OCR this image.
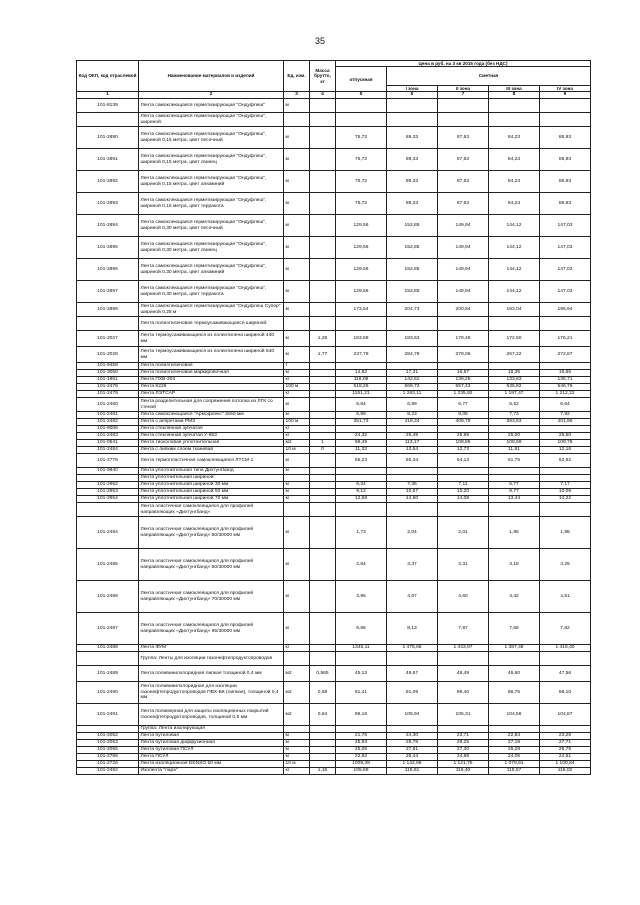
35
Код ОКП, код отраслевой	Наименование материалов и изделий	Ед. изм.	Масса брутто, кг	Цена в руб. на 3 кв 2015 года (без НДС)				
				отпускная	Сметная			
					I зона	II зона	III зона	IV зона
1	2	3	4	5	6	7	8	9
101-8139	Лента самоклеющаяся герметизирующая "Ондуфлеш"	м						
	Лента самоклеющаяся герметизирующая "Ондуфлеш", шириной:							
101-2890	Лента самоклеющаяся герметизирующая "Ондуфлеш", шириной 0,15 метра, цвет песочный	м		75,72	89,33	87,63	84,23	85,93
101-2891	Лента самоклеющаяся герметизирующая "Ондуфлеш", шириной 0,15 метра, цвет свинец	м		75,72	89,33	87,63	84,23	85,93
101-2892	Лента самоклеющаяся герметизирующая "Ондуфлеш", шириной 0,15 метра, цвет алюминий	м		75,72	89,33	87,63	84,23	85,93
101-2893	Лента самоклеющаяся герметизирующая "Ондуфлеш", шириной 0,15 метра, цвет терракота	м		75,72	89,33	87,63	84,23	85,93
101-2894	Лента самоклеющаяся герметизирующая "Ондуфлеш", шириной 0,30 метра, цвет песочный	м		129,56	152,85	149,94	144,12	147,03
101-2895	Лента самоклеющаяся герметизирующая "Ондуфлеш", шириной 0,30 метра, цвет свинец	м		129,56	152,85	149,94	144,12	147,03
101-2896	Лента самоклеющаяся герметизирующая "Ондуфлеш", шириной 0,30 метра, цвет алюминий	м		129,56	152,85	149,94	144,12	147,03
101-2897	Лента самоклеющаяся герметизирующая "Ондуфлеш", шириной 0,30 метра, цвет терракота	м		129,56	152,85	149,94	144,12	147,03
101-2899	Лента самоклеющаяся герметизирующая "Ондуфлеш Супер" шириной 0,25 м	м		173,54	204,73	200,84	193,04	196,94
	Лента полиэтиленовая термоусаживающаяся шириной:							
101-2027	Лента термоусаживающаяся из полиэтилена шириной 440 мм	м	1,25	153,59	183,63	179,49	172,50	176,21
101-2028	Лента термоусаживающаяся из полиэтилена шириной 640 мм	м	1,77	237,79	284,79	278,06	267,22	272,87
101-9458	Лента полиэтиленовая	т						
101-3050	Лента полиэтиленовая маркировочная	м		14,82	17,31	16,97	16,35	16,66
101-1951	Лента ПХВ-304	кг		118,09	142,62	139,25	133,83	136,71
101-2478	Лента К226	100 м		518,26	569,73	557,43	535,82	546,76
101-2479	Лента ЛЭТСАР	кг		1151,21	1 263,11	1 235,92	1 187,47	1 212,22
101-2480	Лента разделительная для сопряжения потолка из ЛГК со стеной	м		5,84	6,89	6,77	6,52	6,64
101-2481	Лента самоклеющаяся "Армофлекс" 3x50 мм	м		6,99	8,23	8,05	7,73	7,92
101-2482	Лента с аппретами РМЗ	100 м		351,73	418,34	409,79	393,63	401,96
101-8006	Лента стеклянная зубчатая	кг						
101-2483	Лента стеклянная зубчатая У-653	кг		24,32	26,49	25,99	25,00	25,50
101-0541	Лента тиоколовая уплотнительная	м2	1	96,49	113,17	108,85	109,59	109,79
101-2484	Лента с липким слоем тканевая	10 м	0	11,33	13,54	12,73	11,81	12,18
101-2779	Лента термопластичная самоклеющаяся ЛТСМ-1	м		55,23	65,34	64,13	61,75	62,92
101-9940	Лента уплотнительная типа Дихтунгбанд	м						
	Лента уплотнительная шириной:							
101-2952	Лента уплотнительная шириной 30 мм	м		6,34	7,36	7,11	6,77	7,17
101-2953	Лента уплотнительная шириной 50 мм	м		9,12	10,57	10,20	9,77	10,09
101-2954	Лента уплотнительная шириной 70 мм	м		12,58	14,50	14,09	13,44	14,22
	Лента эластичная самоклеящаяся для профилей направляющих «Дихтунгбанд»							
101-2484	Лента эластичная самоклеящаяся для профилей направляющих «Дихтунгбанд» 50/30000 мм	м		1,73	2,04	2,01	1,95	1,98
101-2485	Лента эластичная самоклеящаяся для профилей направляющих «Дихтунгбанд» 50/30000 мм	м		2,84	3,37	3,31	3,18	3,25
101-2486	Лента эластичная самоклеящаяся для профилей направляющих «Дихтунгбанд» 70/30000 мм	м		3,96	4,67	4,60	4,42	4,51
101-2487	Лента эластичная самоклеящаяся для профилей направляющих «Дихтунгбанд» 95/30000 мм	м		6,86	8,13	7,97	7,66	7,82
101-2488	Лента ФУМ	кг		1345,11	1 475,65	1 443,97	1 387,48	1 416,40
	Группа: Ленты для изоляции газонефтепродуктопроводов							
101-2489	Лента поливинилхлоридная липкая толщиной 0,4 мм	м2	0,565	45,13	49,57	48,49	46,60	47,56
101-2490	Лента поливинилхлоридная для изоляции газонефтепродуктопроводов ПВХ-БК (липкая), толщиной 0,4 мм	м2	0,58	81,41	91,09	89,40	86,75	88,10
101-2491	Лента полимерная для защиты изоляционных покрытий газонефтепродуктопроводов, толщиной 0,5 мм	м2	0,64	96,16	105,94	105,31	104,56	104,87
	Группа: Лента изолирующая							
101-2052	Лента бутиловая	м		21,76	24,30	23,71	22,84	23,28
101-2053	Лента бутиловая диффузионная	м		25,93	28,78	28,25	27,19	27,71
101-2055	Лента бутиловая ПСУЛ	м		25,05	27,81	27,30	26,28	26,79
101-2786	Лента ПСУЛ	м		22,92	25,44	24,98	24,05	24,51
101-2726	Лента изоляционная DENSO 50 мм	10 м		1009,39	1 142,68	1 121,75	1 079,91	1 100,84
101-2492	Изолента "пара"	кг	1,16	105,69	115,61	116,40	115,57	116,02
